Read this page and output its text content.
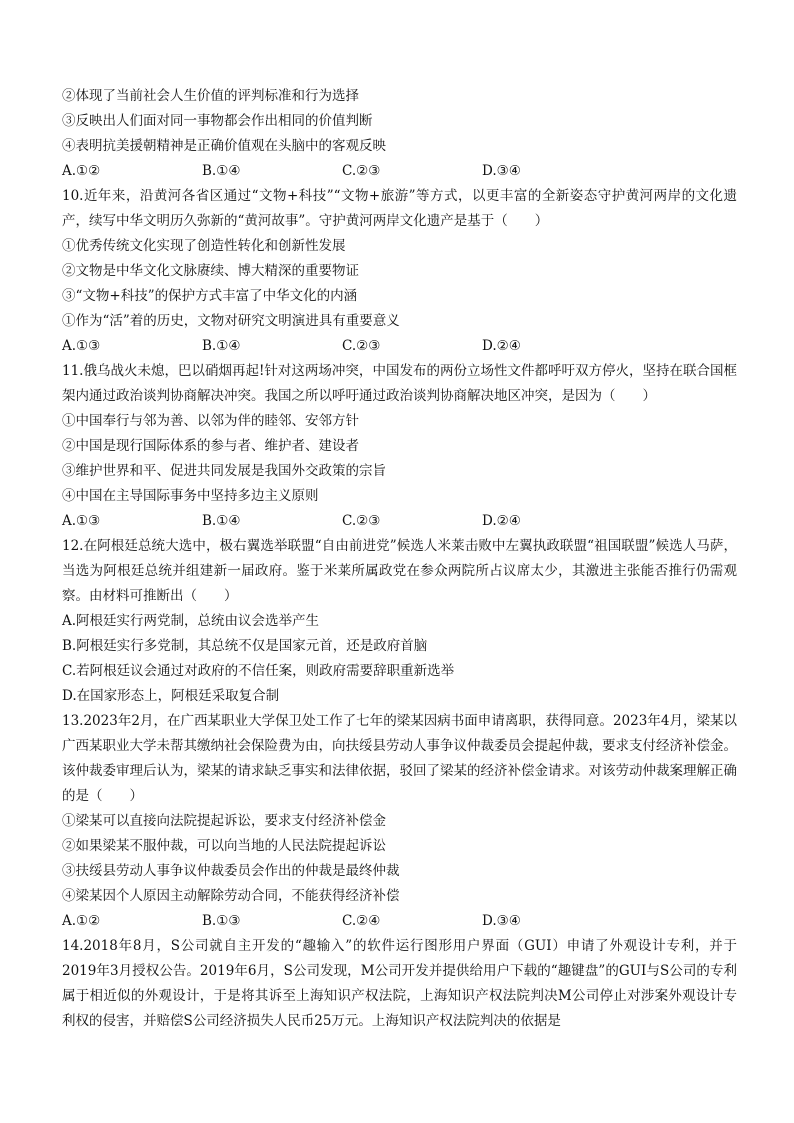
②体现了当前社会人生价值的评判标准和行为选择
③反映出人们面对同一事物都会作出相同的价值判断
④表明抗美援朝精神是正确价值观在头脑中的客观反映
A.①②	B.①④	C.②③	D.③④
10.近年来，沿黄河各省区通过“文物+科技”“文物+旅游”等方式，以更丰富的全新姿态守护黄河两岸的文化遗产，续写中华文明历久弥新的“黄河故事”。守护黄河两岸文化遗产是基于（　　）
①优秀传统文化实现了创造性转化和创新性发展
②文物是中华文化文脉赓续、博大精深的重要物证
③“文物+科技”的保护方式丰富了中华文化的内涵
①作为“活”着的历史，文物对研究文明演进具有重要意义
A.①③	B.①④	C.②③	D.②④
11.俄乌战火未熄，巴以硝烟再起!针对这两场冲突，中国发布的两份立场性文件都呼吁双方停火，坚持在联合国框架内通过政治谈判协商解决冲突。我国之所以呼吁通过政治谈判协商解决地区冲突，是因为（　　）
①中国奉行与邻为善、以邻为伴的睦邻、安邻方针
②中国是现行国际体系的参与者、维护者、建设者
③维护世界和平、促进共同发展是我国外交政策的宗旨
④中国在主导国际事务中坚持多边主义原则
A.①③	B.①④	C.②③	D.②④
12.在阿根廷总统大选中，极右翼选举联盟“自由前进党”候选人米莱击败中左翼执政联盟“祖国联盟”候选人马萨，当选为阿根廷总统并组建新一届政府。鉴于米莱所属政党在参众两院所占议席太少，其激进主张能否推行仍需观察。由材料可推断出（　　）
A.阿根廷实行两党制，总统由议会选举产生
B.阿根廷实行多党制，其总统不仅是国家元首，还是政府首脑
C.若阿根廷议会通过对政府的不信任案，则政府需要辞职重新选举
D.在国家形态上，阿根廷采取复合制
13.2023年2月，在广西某职业大学保卫处工作了七年的梁某因病书面申请离职，获得同意。2023年4月，梁某以广西某职业大学未帮其缴纳社会保险费为由，向扶绥县劳动人事争议仲裁委员会提起仲裁，要求支付经济补偿金。该仲裁委审理后认为，梁某的请求缺乏事实和法律依据，驳回了梁某的经济补偿金请求。对该劳动仲裁案理解正确的是（　　）
①梁某可以直接向法院提起诉讼，要求支付经济补偿金
②如果梁某不服仲裁，可以向当地的人民法院提起诉讼
③扶绥县劳动人事争议仲裁委员会作出的仲裁是最终仲裁
④梁某因个人原因主动解除劳动合同，不能获得经济补偿
A.①②	B.①③	C.②④	D.③④
14.2018年8月，S公司就自主开发的“趣输入”的软件运行图形用户界面（GUI）申请了外观设计专利，并于2019年3月授权公告。2019年6月，S公司发现，M公司开发并提供给用户下载的“趣键盘”的GUI与S公司的专利属于相近似的外观设计，于是将其诉至上海知识产权法院，上海知识产权法院判决M公司停止对涉案外观设计专利权的侵害，并赔偿S公司经济损失人民币25万元。上海知识产权法院判决的依据是
